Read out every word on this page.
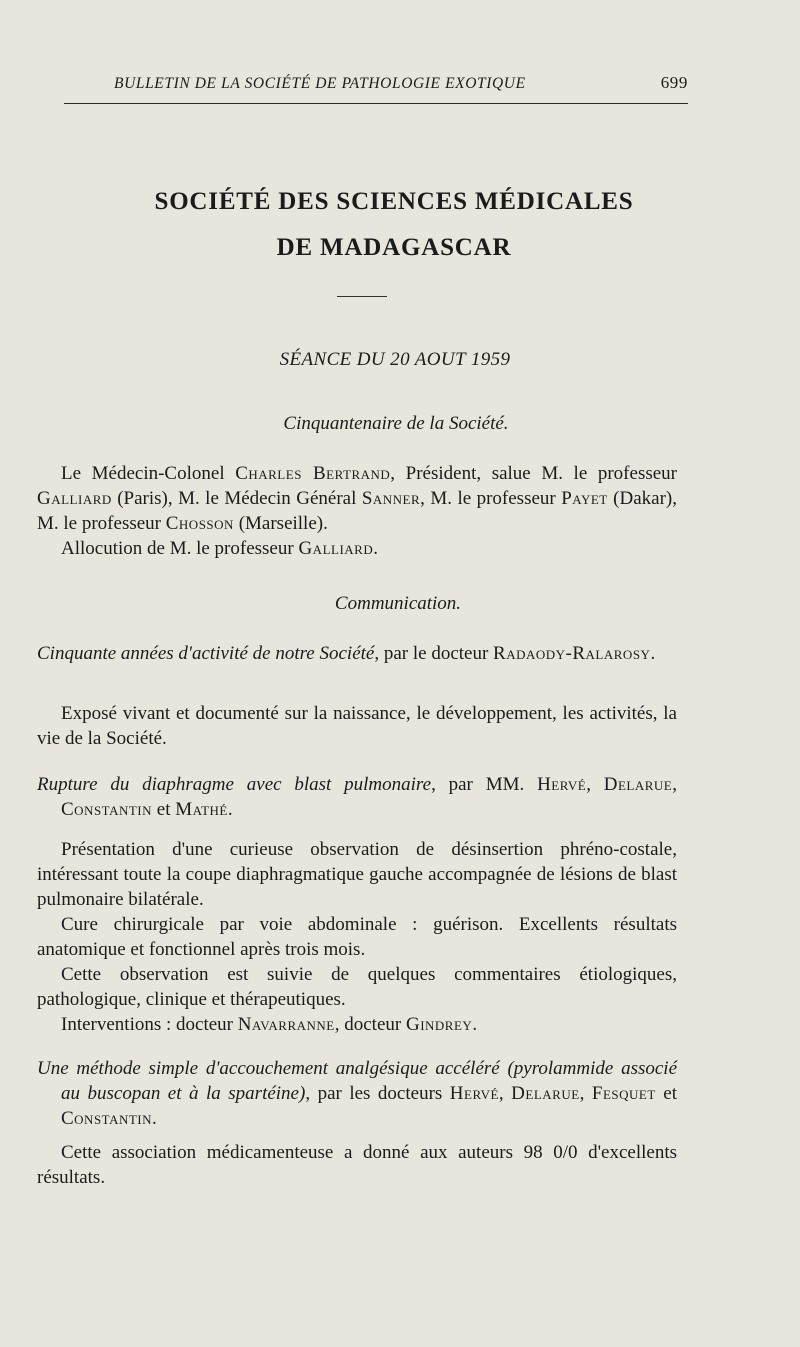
BULLETIN DE LA SOCIÉTÉ DE PATHOLOGIE EXOTIQUE	699
SOCIÉTÉ DES SCIENCES MÉDICALES
DE MADAGASCAR
SÉANCE DU 20 AOUT 1959
Cinquantenaire de la Société.

Le Médecin-Colonel Charles Bertrand, Président, salue M. le professeur Galliard (Paris), M. le Médecin Général Sanner, M. le professeur Payet (Dakar), M. le professeur Chosson (Marseille).

Allocution de M. le professeur Galliard.

Communication.

Cinquante années d'activité de notre Société, par le docteur Radaody-Ralarosy.

Exposé vivant et documenté sur la naissance, le développement, les activités, la vie de la Société.

Rupture du diaphragme avec blast pulmonaire, par MM. Hervé, Delarue, Constantin et Mathé.

Présentation d'une curieuse observation de désinsertion phréno-costale, intéressant toute la coupe diaphragmatique gauche accompagnée de lésions de blast pulmonaire bilatérale.

Cure chirurgicale par voie abdominale : guérison. Excellents résultats anatomique et fonctionnel après trois mois.

Cette observation est suivie de quelques commentaires étiologiques, pathologique, clinique et thérapeutiques.

Interventions : docteur Navarranne, docteur Gindrey.

Une méthode simple d'accouchement analgésique accéléré (pyrolammide associé au buscopan et à la spartéine), par les docteurs Hervé, Delarue, Fesquet et Constantin.

Cette association médicamenteuse a donné aux auteurs 98 0/0 d'excellents résultats.
